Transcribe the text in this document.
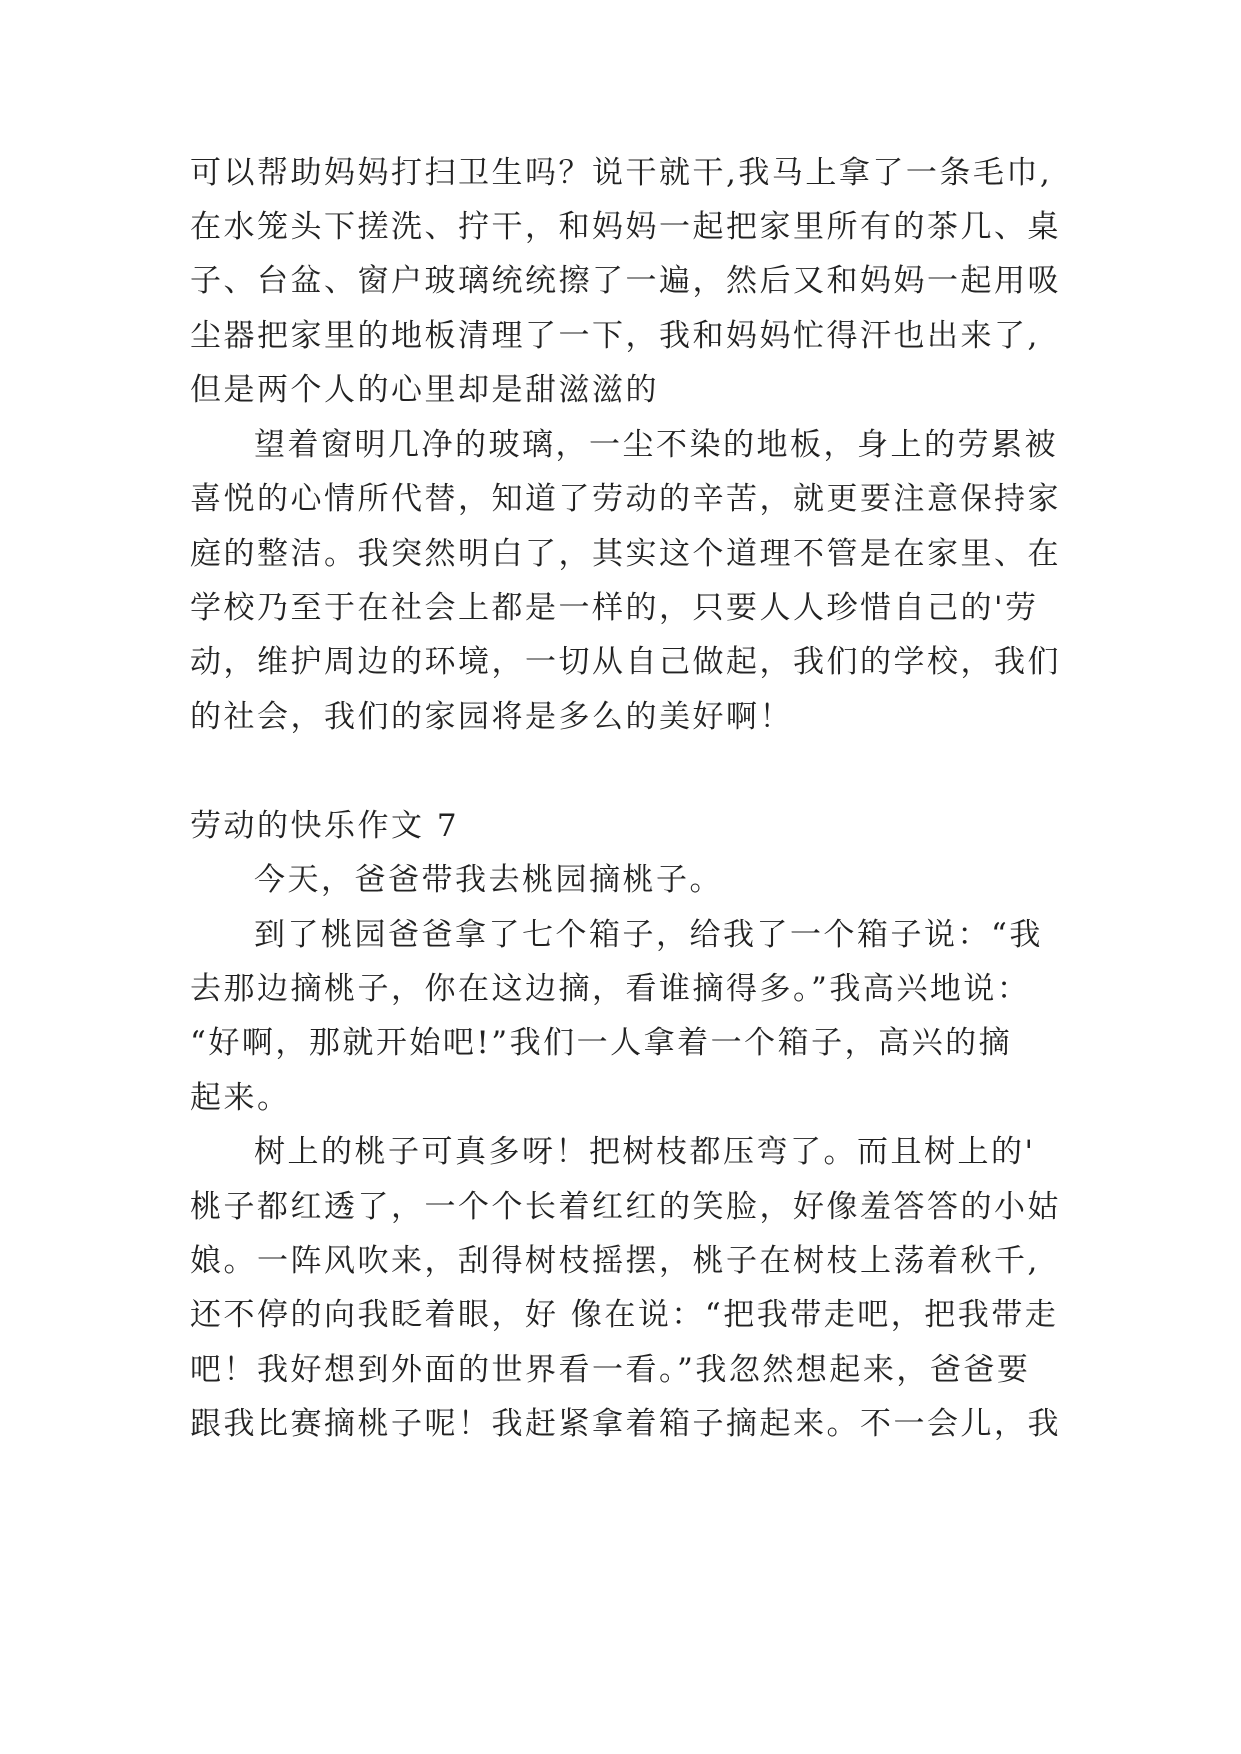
可以帮助妈妈打扫卫生吗？说干就干,我马上拿了一条毛巾,
在水笼头下搓洗、拧干，和妈妈一起把家里所有的茶几、桌
子、台盆、窗户玻璃统统擦了一遍，然后又和妈妈一起用吸
尘器把家里的地板清理了一下，我和妈妈忙得汗也出来了,
但是两个人的心里却是甜滋滋的
望着窗明几净的玻璃，一尘不染的地板，身上的劳累被
喜悦的心情所代替，知道了劳动的辛苦，就更要注意保持家
庭的整洁。我突然明白了，其实这个道理不管是在家里、在
学校乃至于在社会上都是一样的，只要人人珍惜自己的'劳
动，维护周边的环境，一切从自己做起，我们的学校，我们
的社会，我们的家园将是多么的美好啊！
劳动的快乐作文 7
今天，爸爸带我去桃园摘桃子。
到了桃园爸爸拿了七个箱子，给我了一个箱子说：“我
去那边摘桃子，你在这边摘，看谁摘得多。”我高兴地说：
“好啊，那就开始吧!”我们一人拿着一个箱子，高兴的摘
起来。
树上的桃子可真多呀！把树枝都压弯了。而且树上的'
桃子都红透了，一个个长着红红的笑脸，好像羞答答的小姑
娘。一阵风吹来，刮得树枝摇摆，桃子在树枝上荡着秋千,
还不停的向我眨着眼，好 像在说：“把我带走吧，把我带走
吧！我好想到外面的世界看一看。”我忽然想起来，爸爸要
跟我比赛摘桃子呢！我赶紧拿着箱子摘起来。不一会儿，我
